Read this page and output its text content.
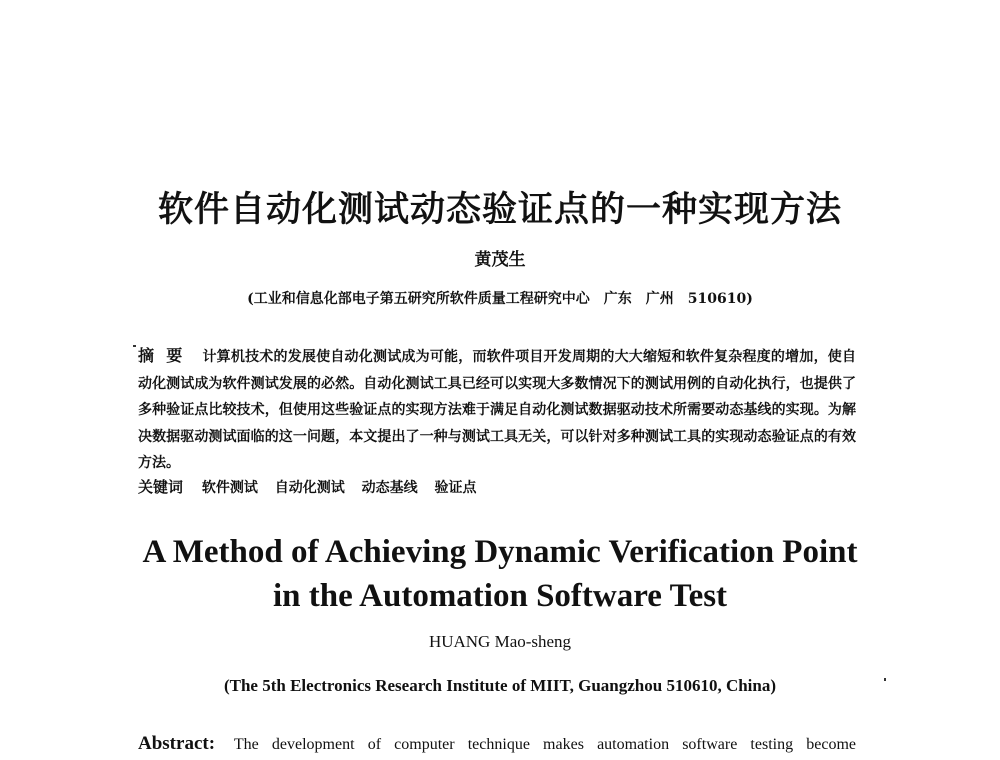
软件自动化测试动态验证点的一种实现方法
黄茂生
(工业和信息化部电子第五研究所软件质量工程研究中心　广东　广州　510610)

摘要 计算机技术的发展使自动化测试成为可能，而软件项目开发周期的大大缩短和软件复杂程度的增加，使自动化测试成为软件测试发展的必然。自动化测试工具已经可以实现大多数情况下的测试用例的自动化执行，也提供了多种验证点比较技术，但使用这些验证点的实现方法难于满足自动化测试数据驱动技术所需要动态基线的实现。为解决数据驱动测试面临的这一问题，本文提出了一种与测试工具无关，可以针对多种测试工具的实现动态验证点的有效方法。

关键词 软件测试 自动化测试 动态基线 验证点
A Method of Achieving Dynamic Verification Point
in the Automation Software Test
HUANG Mao-sheng
(The 5th Electronics Research Institute of MIIT, Guangzhou 510610, China)
Abstract: The development of computer technique makes automation software testing become
